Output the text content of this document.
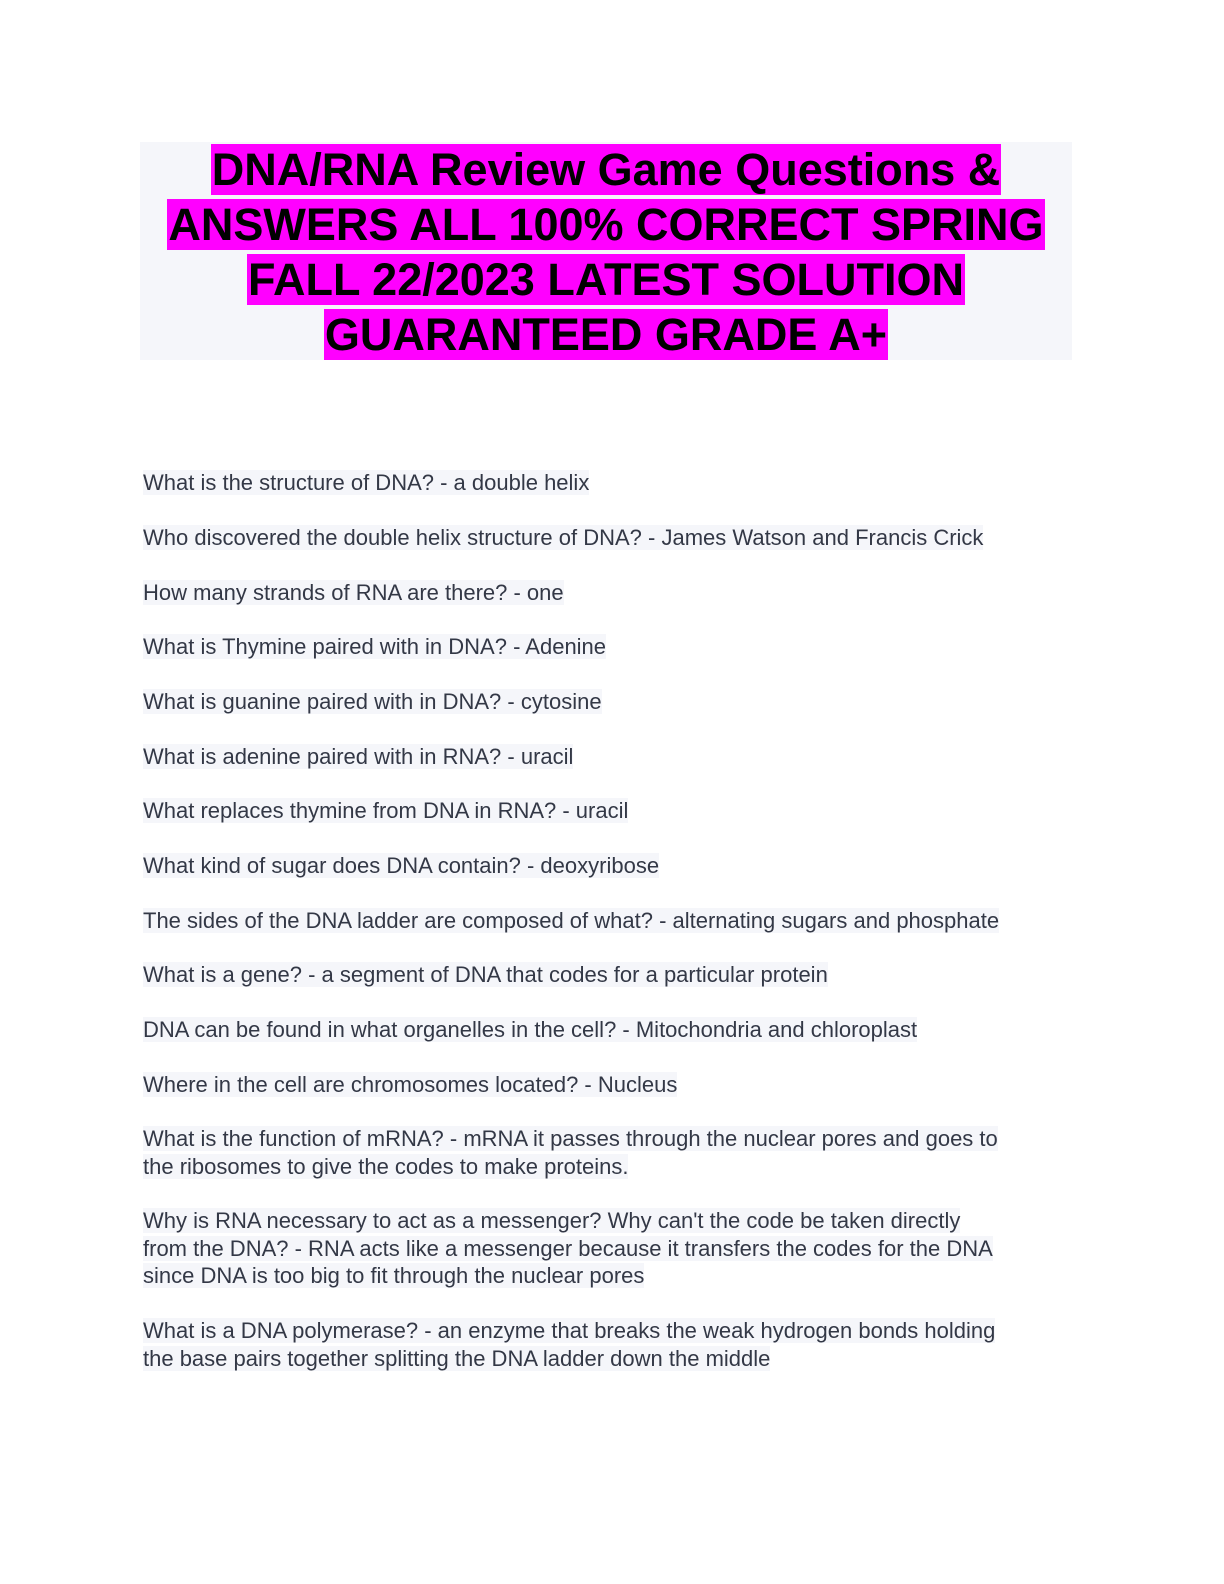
DNA/RNA Review Game Questions &
ANSWERS ALL 100% CORRECT SPRING
FALL 22/2023 LATEST SOLUTION
GUARANTEED GRADE A+
What is the structure of DNA? - a double helix
Who discovered the double helix structure of DNA? - James Watson and Francis Crick
How many strands of RNA are there? - one
What is Thymine paired with in DNA? - Adenine
What is guanine paired with in DNA? - cytosine
What is adenine paired with in RNA? - uracil
What replaces thymine from DNA in RNA? - uracil
What kind of sugar does DNA contain? - deoxyribose
The sides of the DNA ladder are composed of what? - alternating sugars and phosphate
What is a gene? - a segment of DNA that codes for a particular protein
DNA can be found in what organelles in the cell? - Mitochondria and chloroplast
Where in the cell are chromosomes located? - Nucleus
What is the function of mRNA? - mRNA it passes through the nuclear pores and goes to
the ribosomes to give the codes to make proteins.
Why is RNA necessary to act as a messenger? Why can't the code be taken directly
from the DNA? - RNA acts like a messenger because it transfers the codes for the DNA
since DNA is too big to fit through the nuclear pores
What is a DNA polymerase? - an enzyme that breaks the weak hydrogen bonds holding
the base pairs together splitting the DNA ladder down the middle
